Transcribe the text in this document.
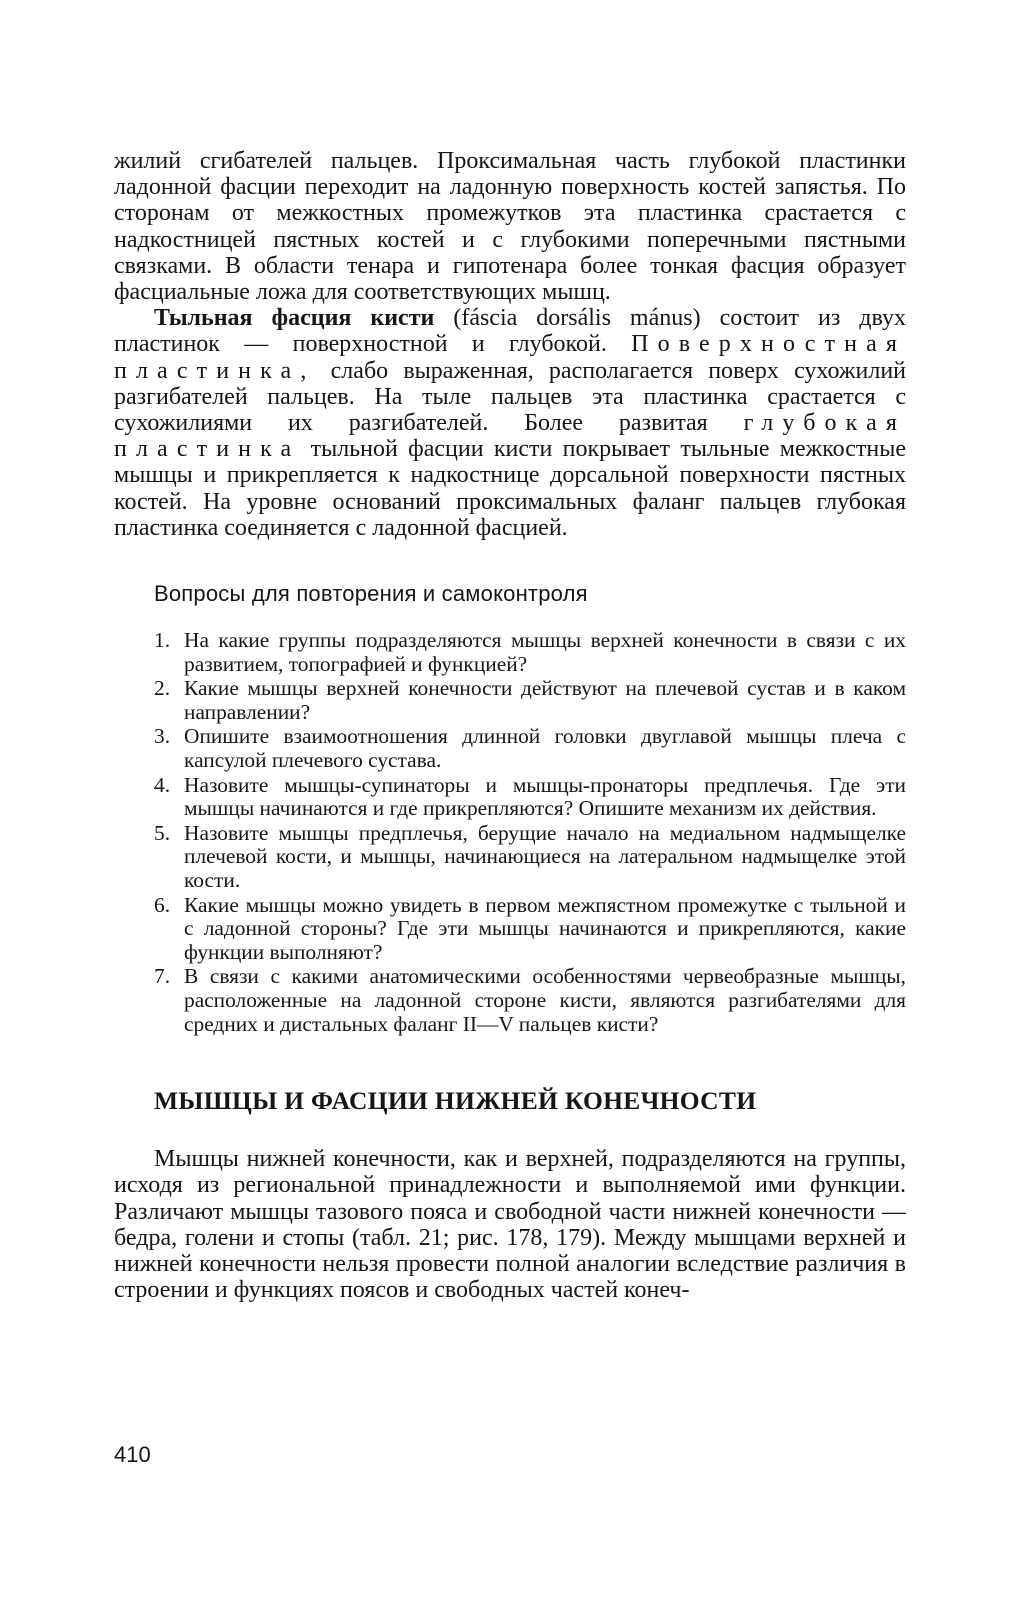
жилий сгибателей пальцев. Проксимальная часть глубокой пластинки ладонной фасции переходит на ладонную поверхность костей запястья. По сторонам от межкостных промежутков эта пластинка срастается с надкостницей пястных костей и с глубокими поперечными пястными связками. В области тенара и гипотенара более тонкая фасция образует фасциальные ложа для соответствующих мышц.

Тыльная фасция кисти (fáscia dorsális mánus) состоит из двух пластинок — поверхностной и глубокой. Поверхностная пластинка, слабо выраженная, располагается поверх сухожилий разгибателей пальцев. На тыле пальцев эта пластинка срастается с сухожилиями их разгибателей. Более развитая глубокая пластинка тыльной фасции кисти покрывает тыльные межкостные мышцы и прикрепляется к надкостнице дорсальной поверхности пястных костей. На уровне оснований проксимальных фаланг пальцев глубокая пластинка соединяется с ладонной фасцией.

Вопросы для повторения и самоконтроля
1. На какие группы подразделяются мышцы верхней конечности в связи с их развитием, топографией и функцией?
2. Какие мышцы верхней конечности действуют на плечевой сустав и в каком направлении?
3. Опишите взаимоотношения длинной головки двуглавой мышцы плеча с капсулой плечевого сустава.
4. Назовите мышцы-супинаторы и мышцы-пронаторы предплечья. Где эти мышцы начинаются и где прикрепляются? Опишите механизм их действия.
5. Назовите мышцы предплечья, берущие начало на медиальном надмыщелке плечевой кости, и мышцы, начинающиеся на латеральном надмыщелке этой кости.
6. Какие мышцы можно увидеть в первом межпястном промежутке с тыльной и с ладонной стороны? Где эти мышцы начинаются и прикрепляются, какие функции выполняют?
7. В связи с какими анатомическими особенностями червеобразные мышцы, расположенные на ладонной стороне кисти, являются разгибателями для средних и дистальных фаланг II—V пальцев кисти?
МЫШЦЫ И ФАСЦИИ НИЖНЕЙ КОНЕЧНОСТИ

Мышцы нижней конечности, как и верхней, подразделяются на группы, исходя из региональной принадлежности и выполняемой ими функции. Различают мышцы тазового пояса и свободной части нижней конечности — бедра, голени и стопы (табл. 21; рис. 178, 179). Между мышцами верхней и нижней конечности нельзя провести полной аналогии вследствие различия в строении и функциях поясов и свободных частей конеч-

410
